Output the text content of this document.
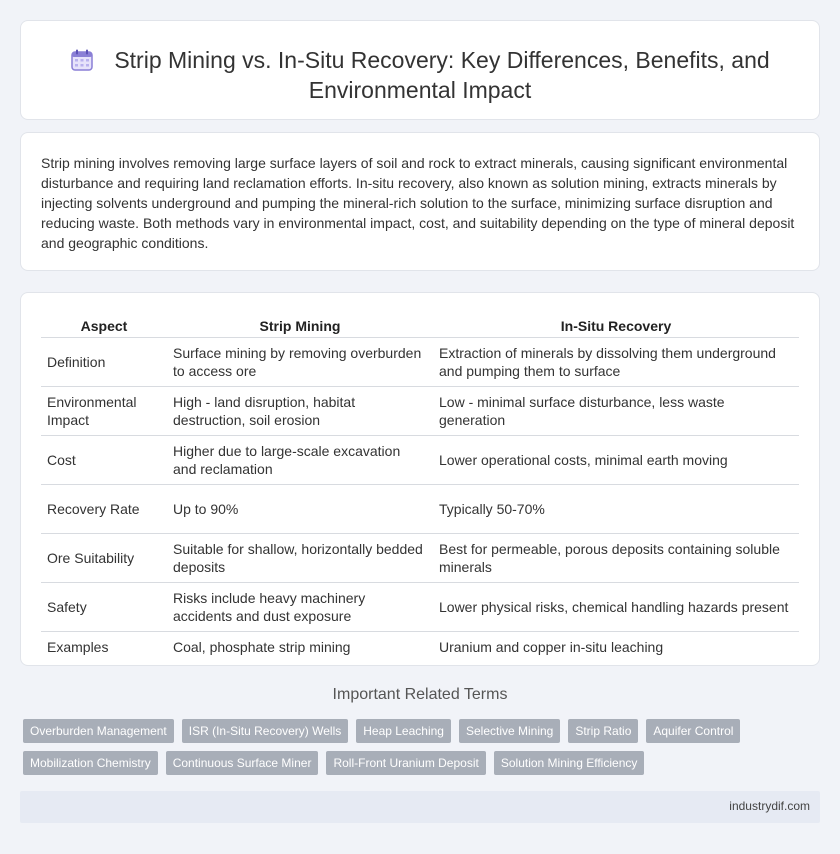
Strip Mining vs. In-Situ Recovery: Key Differences, Benefits, and Environmental Impact

Strip mining involves removing large surface layers of soil and rock to extract minerals, causing significant environmental disturbance and requiring land reclamation efforts. In-situ recovery, also known as solution mining, extracts minerals by injecting solvents underground and pumping the mineral-rich solution to the surface, minimizing surface disruption and reducing waste. Both methods vary in environmental impact, cost, and suitability depending on the type of mineral deposit and geographic conditions.

Aspect	Strip Mining	In-Situ Recovery
Definition	Surface mining by removing overburden to access ore	Extraction of minerals by dissolving them underground and pumping them to surface
Environmental Impact	High - land disruption, habitat destruction, soil erosion	Low - minimal surface disturbance, less waste generation
Cost	Higher due to large-scale excavation and reclamation	Lower operational costs, minimal earth moving
Recovery Rate	Up to 90%	Typically 50-70%
Ore Suitability	Suitable for shallow, horizontally bedded deposits	Best for permeable, porous deposits containing soluble minerals
Safety	Risks include heavy machinery accidents and dust exposure	Lower physical risks, chemical handling hazards present
Examples	Coal, phosphate strip mining	Uranium and copper in-situ leaching
Important Related Terms
Overburden Management	ISR (In-Situ Recovery) Wells	Heap Leaching	Selective Mining	Strip Ratio	Aquifer Control
Mobilization Chemistry	Continuous Surface Miner	Roll-Front Uranium Deposit	Solution Mining Efficiency
industrydif.com
